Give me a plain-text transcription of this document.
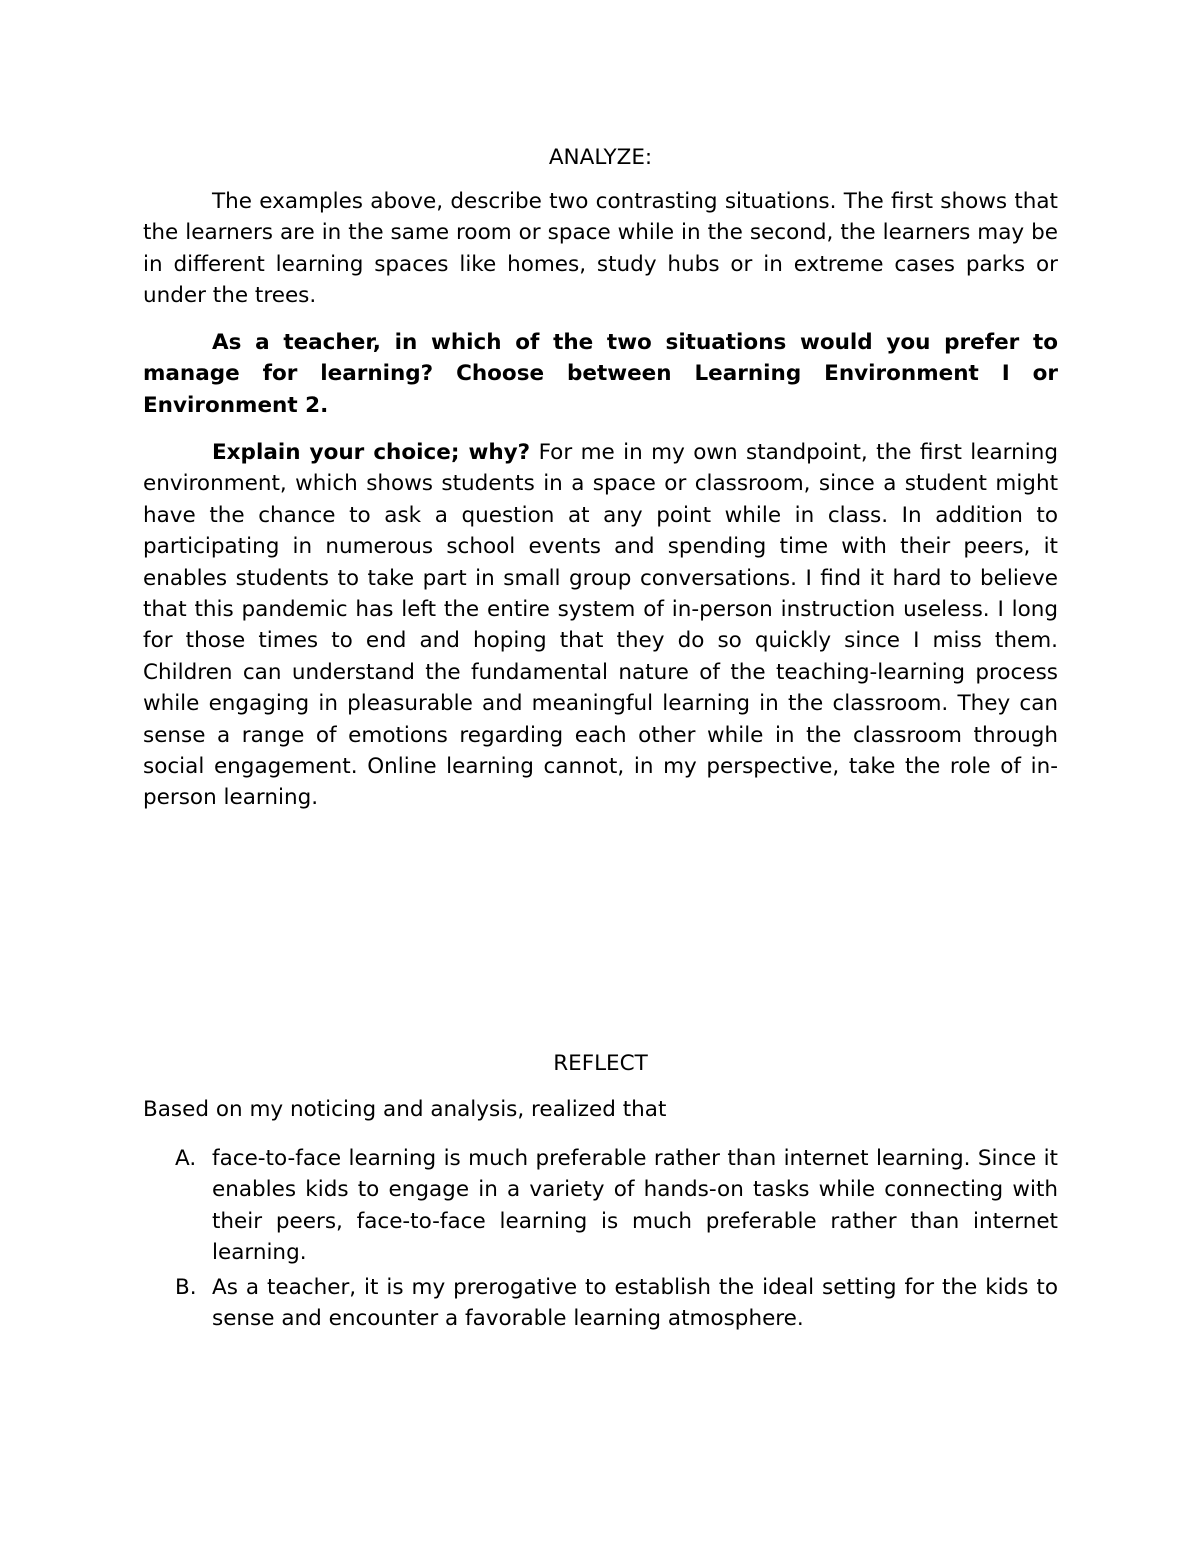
ANALYZE:

The examples above, describe two contrasting situations. The first shows that the learners are in the same room or space while in the second, the learners may be in different learning spaces like homes, study hubs or in extreme cases parks or under the trees.

As a teacher, in which of the two situations would you prefer to manage for learning? Choose between Learning Environment I or Environment 2.

Explain your choice; why? For me in my own standpoint, the first learning environment, which shows students in a space or classroom, since a student might have the chance to ask a question at any point while in class. In addition to participating in numerous school events and spending time with their peers, it enables students to take part in small group conversations. I find it hard to believe that this pandemic has left the entire system of in-person instruction useless. I long for those times to end and hoping that they do so quickly since I miss them. Children can understand the fundamental nature of the teaching-learning process while engaging in pleasurable and meaningful learning in the classroom. They can sense a range of emotions regarding each other while in the classroom through social engagement. Online learning cannot, in my perspective, take the role of in-person learning.

REFLECT

Based on my noticing and analysis, realized that

A. face-to-face learning is much preferable rather than internet learning. Since it enables kids to engage in a variety of hands-on tasks while connecting with their peers, face-to-face learning is much preferable rather than internet learning.
B. As a teacher, it is my prerogative to establish the ideal setting for the kids to sense and encounter a favorable learning atmosphere.
